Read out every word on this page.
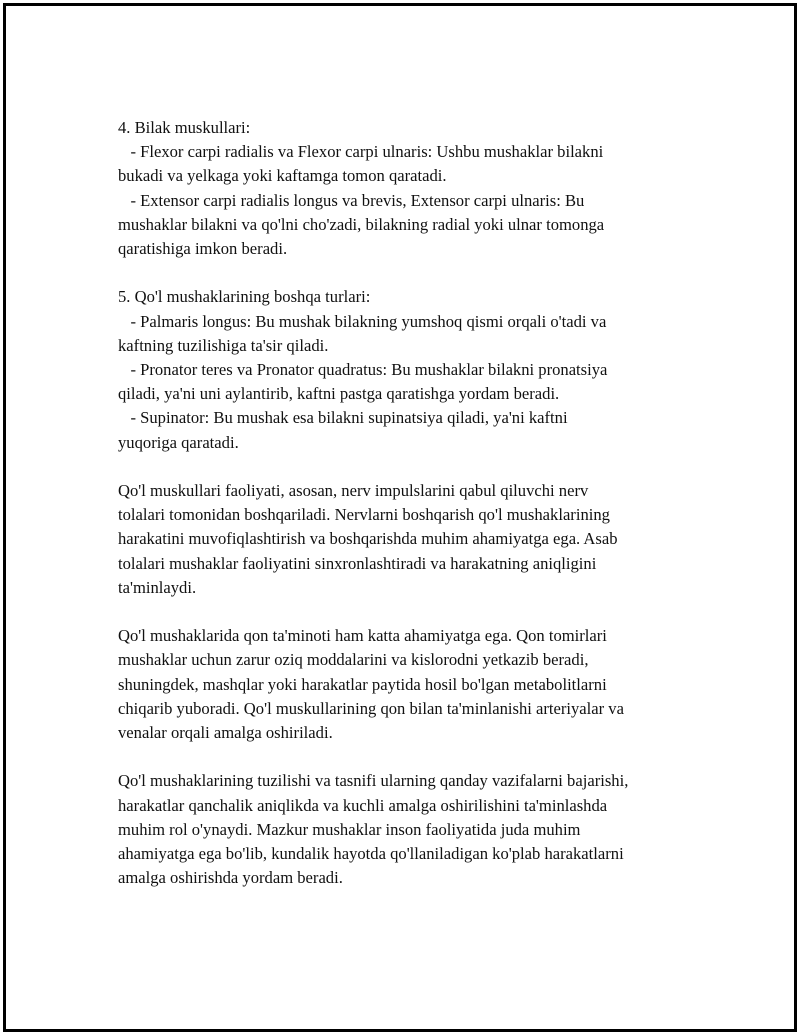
4. Bilak muskullari:
- Flexor carpi radialis va Flexor carpi ulnaris: Ushbu mushaklar bilakni
bukadi va yelkaga yoki kaftamga tomon qaratadi.
- Extensor carpi radialis longus va brevis, Extensor carpi ulnaris: Bu
mushaklar bilakni va qo'lni cho'zadi, bilakning radial yoki ulnar tomonga
qaratishiga imkon beradi.
5. Qo'l mushaklarining boshqa turlari:
- Palmaris longus: Bu mushak bilakning yumshoq qismi orqali o'tadi va
kaftning tuzilishiga ta'sir qiladi.
- Pronator teres va Pronator quadratus: Bu mushaklar bilakni pronatsiya
qiladi, ya'ni uni aylantirib, kaftni pastga qaratishga yordam beradi.
- Supinator: Bu mushak esa bilakni supinatsiya qiladi, ya'ni kaftni
yuqoriga qaratadi.
Qo'l muskullari faoliyati, asosan, nerv impulslarini qabul qiluvchi nerv
tolalari tomonidan boshqariladi. Nervlarni boshqarish qo'l mushaklarining
harakatini muvofiqlashtirish va boshqarishda muhim ahamiyatga ega. Asab
tolalari mushaklar faoliyatini sinxronlashtiradi va harakatning aniqligini
ta'minlaydi.
Qo'l mushaklarida qon ta'minoti ham katta ahamiyatga ega. Qon tomirlari
mushaklar uchun zarur oziq moddalarini va kislorodni yetkazib beradi,
shuningdek, mashqlar yoki harakatlar paytida hosil bo'lgan metabolitlarni
chiqarib yuboradi. Qo'l muskullarining qon bilan ta'minlanishi arteriyalar va
venalar orqali amalga oshiriladi.
Qo'l mushaklarining tuzilishi va tasnifi ularning qanday vazifalarni bajarishi,
harakatlar qanchalik aniqlikda va kuchli amalga oshirilishini ta'minlashda
muhim rol o'ynaydi. Mazkur mushaklar inson faoliyatida juda muhim
ahamiyatga ega bo'lib, kundalik hayotda qo'llaniladigan ko'plab harakatlarni
amalga oshirishda yordam beradi.
